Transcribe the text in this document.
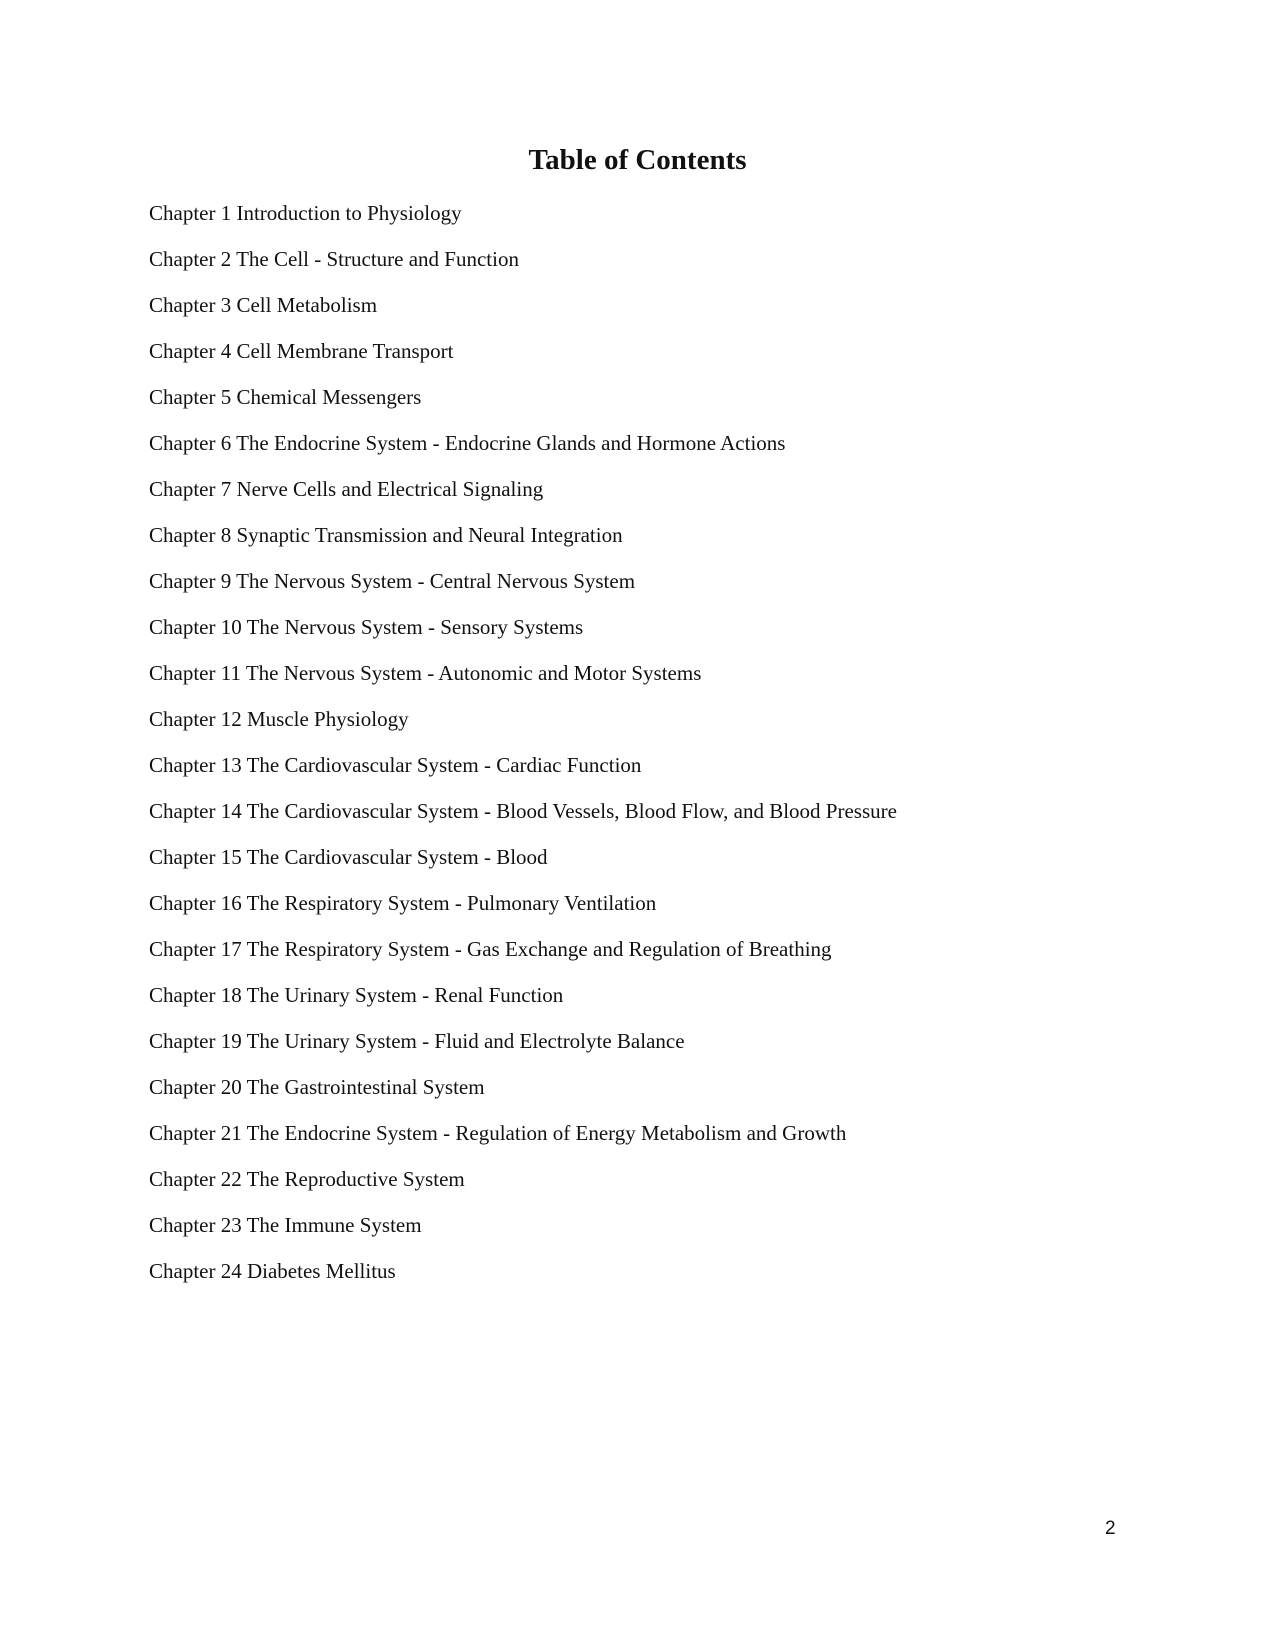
Table of Contents
Chapter 1 Introduction to Physiology
Chapter 2 The Cell - Structure and Function
Chapter 3 Cell Metabolism
Chapter 4 Cell Membrane Transport
Chapter 5 Chemical Messengers
Chapter 6 The Endocrine System - Endocrine Glands and Hormone Actions
Chapter 7 Nerve Cells and Electrical Signaling
Chapter 8 Synaptic Transmission and Neural Integration
Chapter 9 The Nervous System - Central Nervous System
Chapter 10 The Nervous System - Sensory Systems
Chapter 11 The Nervous System - Autonomic and Motor Systems
Chapter 12 Muscle Physiology
Chapter 13 The Cardiovascular System - Cardiac Function
Chapter 14 The Cardiovascular System - Blood Vessels, Blood Flow, and Blood Pressure
Chapter 15 The Cardiovascular System - Blood
Chapter 16 The Respiratory System - Pulmonary Ventilation
Chapter 17 The Respiratory System - Gas Exchange and Regulation of Breathing
Chapter 18 The Urinary System - Renal Function
Chapter 19 The Urinary System - Fluid and Electrolyte Balance
Chapter 20 The Gastrointestinal System
Chapter 21 The Endocrine System - Regulation of Energy Metabolism and Growth
Chapter 22 The Reproductive System
Chapter 23 The Immune System
Chapter 24 Diabetes Mellitus
2
